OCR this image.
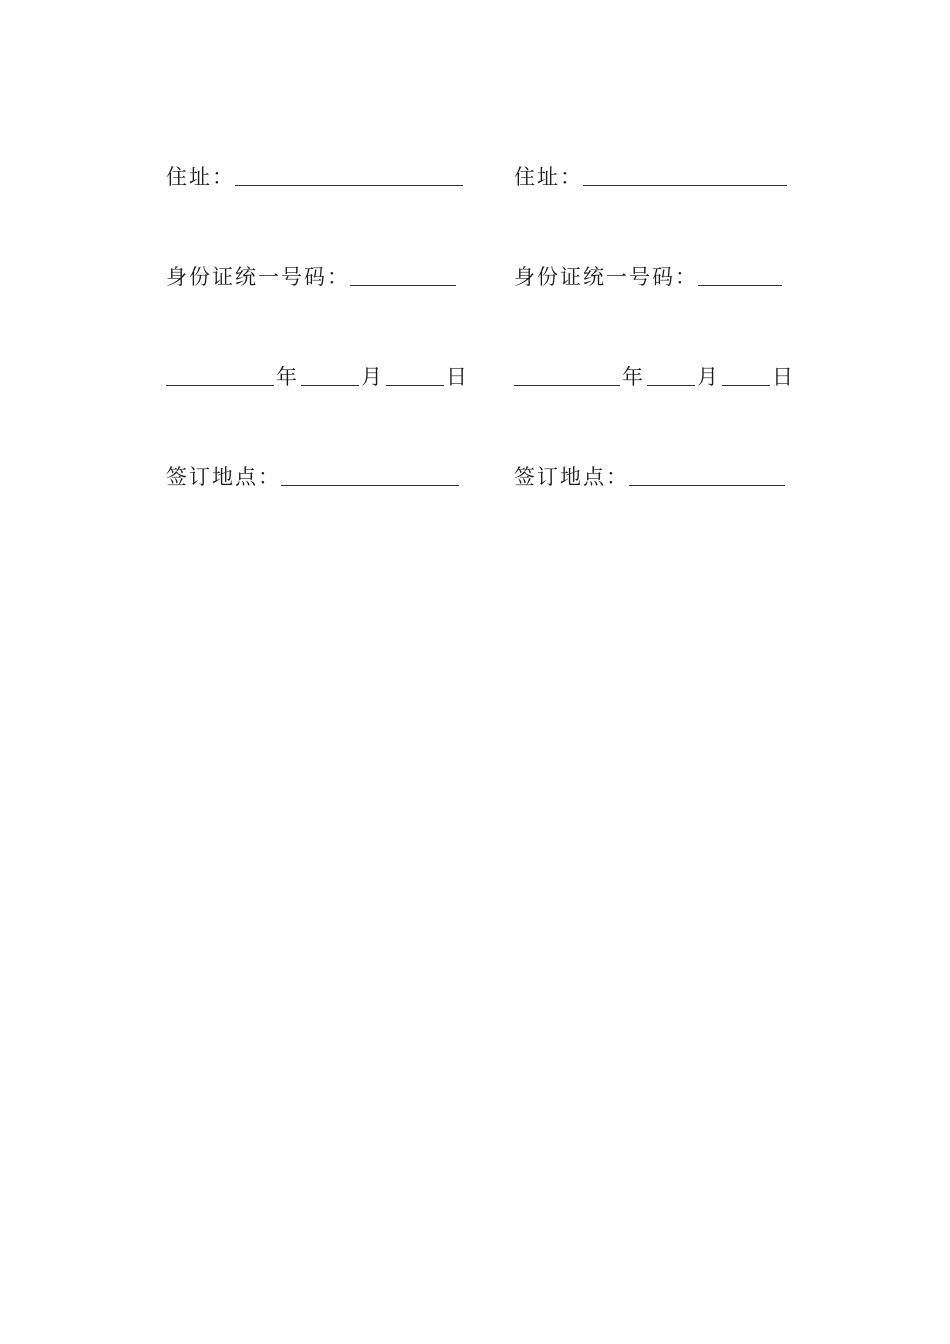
住址：
身份证统一号码：
年	月	日
签订地点：
住址：
身份证统一号码：
年 月 日
签订地点：
